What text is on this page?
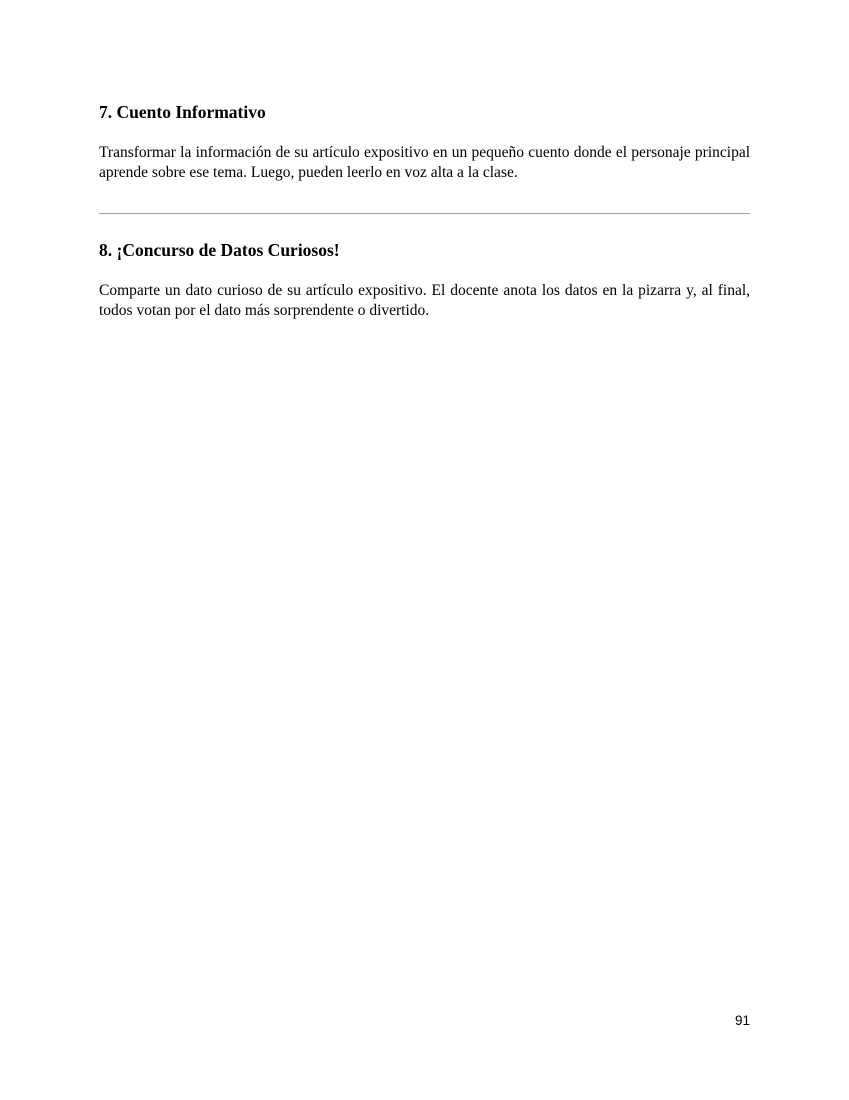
7. Cuento Informativo

Transformar la información de su artículo expositivo en un pequeño cuento donde el personaje principal aprende sobre ese tema. Luego, pueden leerlo en voz alta a la clase.

8. ¡Concurso de Datos Curiosos!

Comparte un dato curioso de su artículo expositivo. El docente anota los datos en la pizarra y, al final, todos votan por el dato más sorprendente o divertido.

91
